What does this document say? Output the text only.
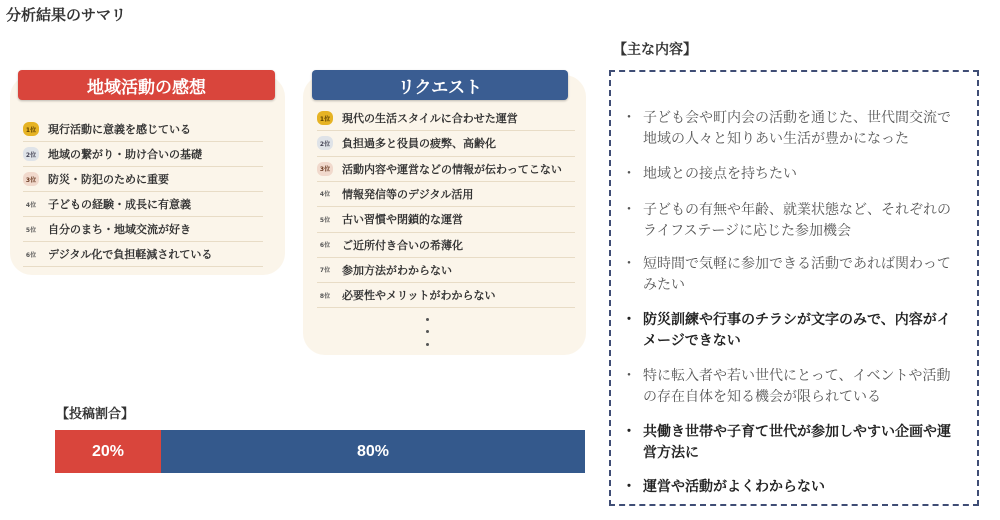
分析結果のサマリ
地域活動の感想
1位 現行活動に意義を感じている
2位 地域の繋がり・助け合いの基礎
3位 防災・防犯のために重要
4位 子どもの経験・成長に有意義
5位 自分のまち・地域交流が好き
6位 デジタル化で負担軽減されている
リクエスト
1位 現代の生活スタイルに合わせた運営
2位 負担過多と役員の疲弊、高齢化
3位 活動内容や運営などの情報が伝わってこない
4位 情報発信等のデジタル活用
5位 古い習慣や閉鎖的な運営
6位 ご近所付き合いの希薄化
7位 参加方法がわからない
8位 必要性やメリットがわからない
【投稿割合】
20%	80%
【主な内容】
・ 子ども会や町内会の活動を通じた、世代間交流で地域の人々と知りあい生活が豊かになった
・ 地域との接点を持ちたい
・ 子どもの有無や年齢、就業状態など、それぞれのライフステージに応じた参加機会
・ 短時間で気軽に参加できる活動であれば関わってみたい
・ 防災訓練や行事のチラシが文字のみで、内容がイメージできない
・ 特に転入者や若い世代にとって、イベントや活動の存在自体を知る機会が限られている
・ 共働き世帯や子育て世代が参加しやすい企画や運営方法に
・ 運営や活動がよくわからない
